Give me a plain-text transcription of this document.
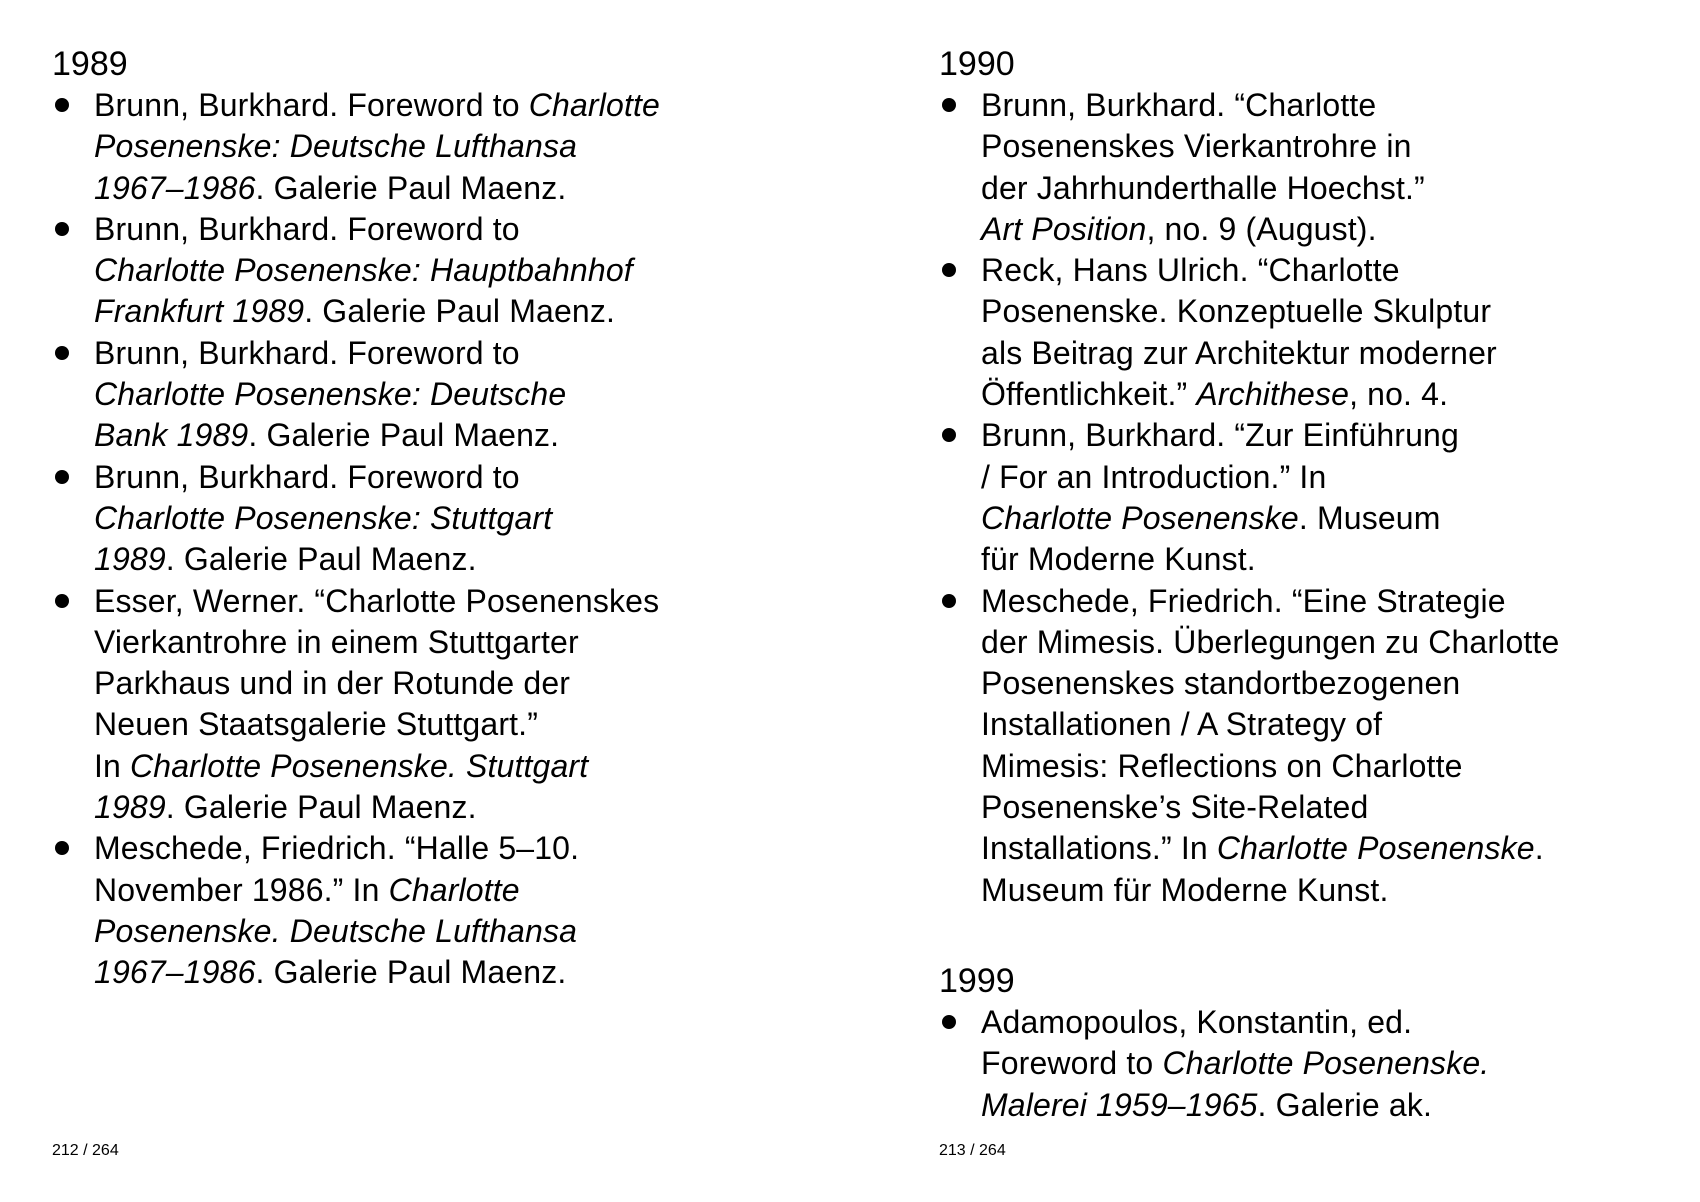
1989
Brunn, Burkhard. Foreword to Charlotte
Posenenske: Deutsche Lufthansa
1967–1986. Galerie Paul Maenz.
Brunn, Burkhard. Foreword to
Charlotte Posenenske: Hauptbahnhof
Frankfurt 1989. Galerie Paul Maenz.
Brunn, Burkhard. Foreword to
Charlotte Posenenske: Deutsche
Bank 1989. Galerie Paul Maenz.
Brunn, Burkhard. Foreword to
Charlotte Posenenske: Stuttgart
1989. Galerie Paul Maenz.
Esser, Werner. “Charlotte Posenenskes
Vierkantrohre in einem Stuttgarter
Parkhaus und in der Rotunde der
Neuen Staatsgalerie Stuttgart.”
In Charlotte Posenenske. Stuttgart
1989. Galerie Paul Maenz.
Meschede, Friedrich. “Halle 5–10.
November 1986.” In Charlotte
Posenenske. Deutsche Lufthansa
1967–1986. Galerie Paul Maenz.
1990
Brunn, Burkhard. “Charlotte
Posenenskes Vierkantrohre in
der Jahrhunderthalle Hoechst.”
Art Position, no. 9 (August).
Reck, Hans Ulrich. “Charlotte
Posenenske. Konzeptuelle Skulptur
als Beitrag zur Architektur moderner
Öffentlichkeit.” Archithese, no. 4.
Brunn, Burkhard. “Zur Einführung
/ For an Introduction.” In
Charlotte Posenenske. Museum
für Moderne Kunst.
Meschede, Friedrich. “Eine Strategie
der Mimesis. Überlegungen zu Charlotte
Posenenskes standortbezogenen
Installationen / A Strategy of
Mimesis: Reflections on Charlotte
Posenenske’s Site-Related
Installations.” In Charlotte Posenenske.
Museum für Moderne Kunst.
1999
Adamopoulos, Konstantin, ed.
Foreword to Charlotte Posenenske.
Malerei 1959–1965. Galerie ak.
212 / 264	213 / 264
